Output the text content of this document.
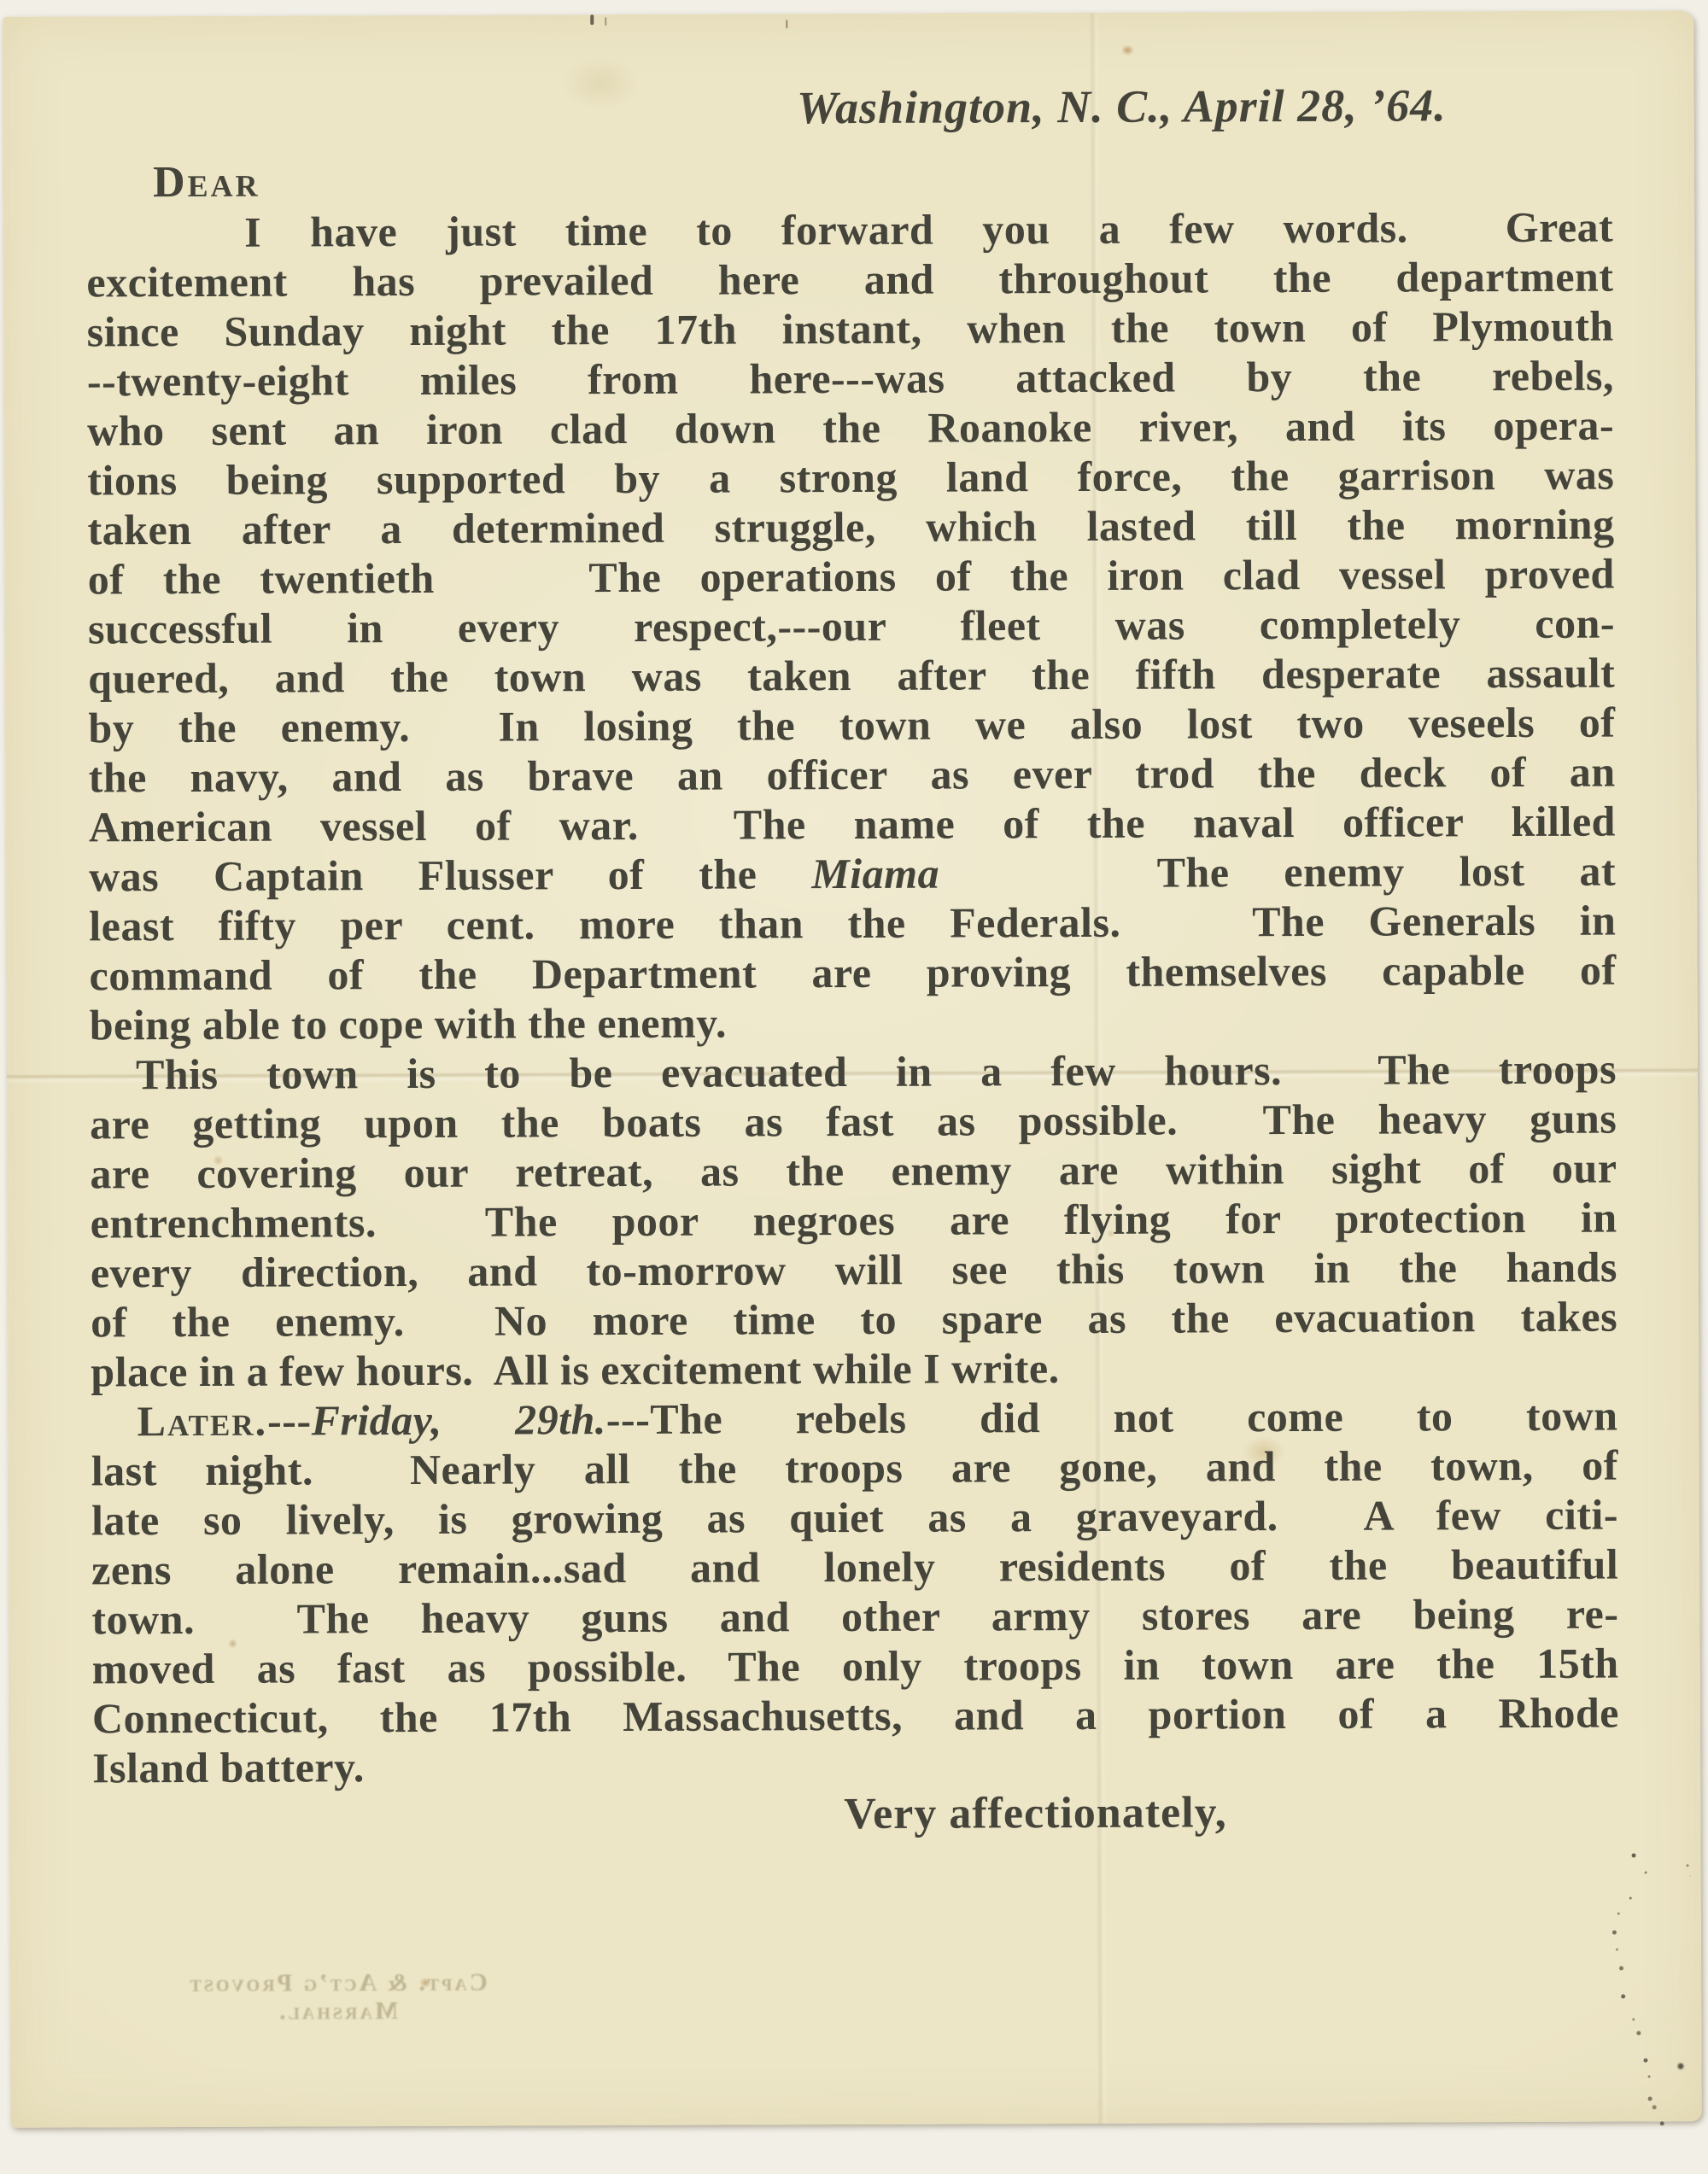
Washington, N. C., April 28, ’64.
Dear
I have just time to forward you a few words.  Great
excitement has prevailed here and throughout the department
since Sunday night the 17th instant, when the town of Plymouth
--twenty-eight miles from here---was attacked by the rebels,
who sent an iron clad down the Roanoke river, and its opera-
tions being supported by a strong land force, the garrison was
taken after a determined struggle, which lasted till the morning
of the twentieth    The operations of the iron clad vessel proved
successful in every respect,---our fleet was completely con-
quered, and the town was taken after the fifth desperate assault
by the enemy.  In losing the town we also lost two veseels of
the navy, and as brave an officer as ever trod the deck of an
American vessel of war.  The name of the naval officer killed
was Captain Flusser of the Miama    The enemy lost at
least fifty per cent. more than the Federals.   The Generals in
command of the Department are proving themselves capable of
being able to cope with the enemy.
This town is to be evacuated in a few hours.  The troops
are getting upon the boats as fast as possible.  The heavy guns
are covering our retreat, as the enemy are within sight of our
entrenchments.  The poor negroes are flying for protection in
every direction, and to-morrow will see this town in the hands
of the enemy.  No more time to spare as the evacuation takes
place in a few hours.  All is excitement while I write.
Later.---Friday, 29th.---The rebels did not come to town
last night.  Nearly all the troops are gone, and the town, of
late so lively, is growing as quiet as a graveyard.  A few citi-
zens alone remain...sad and lonely residents of the beautiful
town.  The heavy guns and other army stores are being re-
moved as fast as possible. The only troops in town are the 15th
Connecticut, the 17th Massachusetts, and a portion of a Rhode
Island battery.
Very affectionately,
Capt. & Act’g Provost Marshal.
